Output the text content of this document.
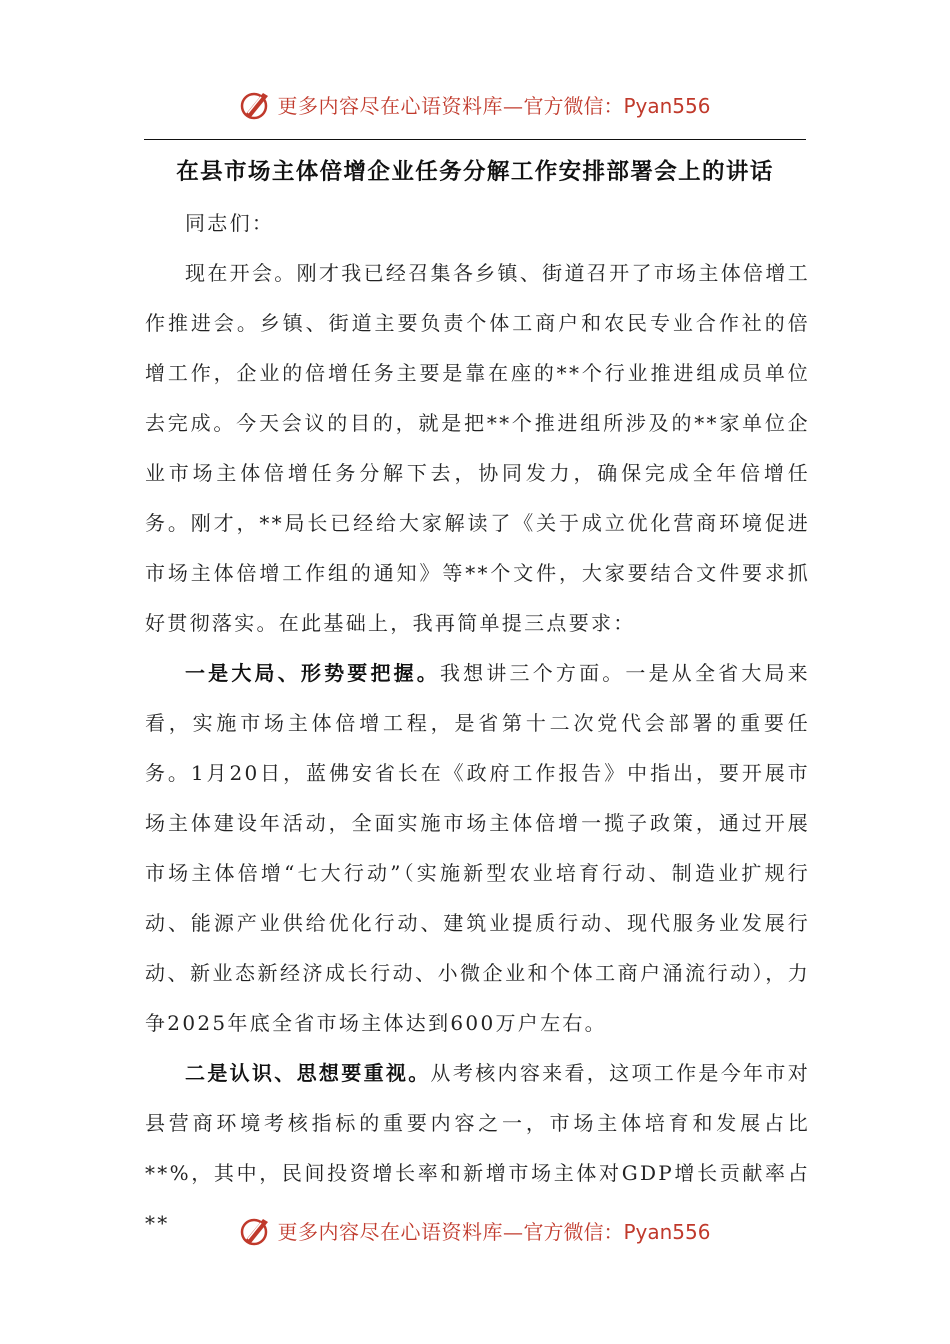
更多内容尽在心语资料库— 官方微信：Pyan556
在县市场主体倍增企业任务分解工作安排部署会上的讲话

同志们：

现在开会。刚才我已经召集各乡镇、街道召开了市场主体倍增工作推进会。乡镇、街道主要负责个体工商户和农民专业合作社的倍增工作，企业的倍增任务主要是靠在座的**个行业推进组成员单位去完成。今天会议的目的，就是把**个推进组所涉及的**家单位企业市场主体倍增任务分解下去，协同发力，确保完成全年倍增任务。刚才，**局长已经给大家解读了《关于成立优化营商环境促进市场主体倍增工作组的通知》等**个文件，大家要结合文件要求抓好贯彻落实。在此基础上，我再简单提三点要求：

一是大局、形势要把握。我想讲三个方面。一是从全省大局来看，实施市场主体倍增工程，是省第十二次党代会部署的重要任务。1月20日，蓝佛安省长在《政府工作报告》中指出，要开展市场主体建设年活动，全面实施市场主体倍增一揽子政策，通过开展市场主体倍增“七大行动”（实施新型农业培育行动、制造业扩规行动、能源产业供给优化行动、建筑业提质行动、现代服务业发展行动、新业态新经济成长行动、小微企业和个体工商户涌流行动），力争2025年底全省市场主体达到600万户左右。

二是认识、思想要重视。从考核内容来看，这项工作是今年市对县营商环境考核指标的重要内容之一，市场主体培育和发展占比**%，其中，民间投资增长率和新增市场主体对GDP增长贡献率占**	更多内容尽在心语资料库— 官方微信：Pyan556
